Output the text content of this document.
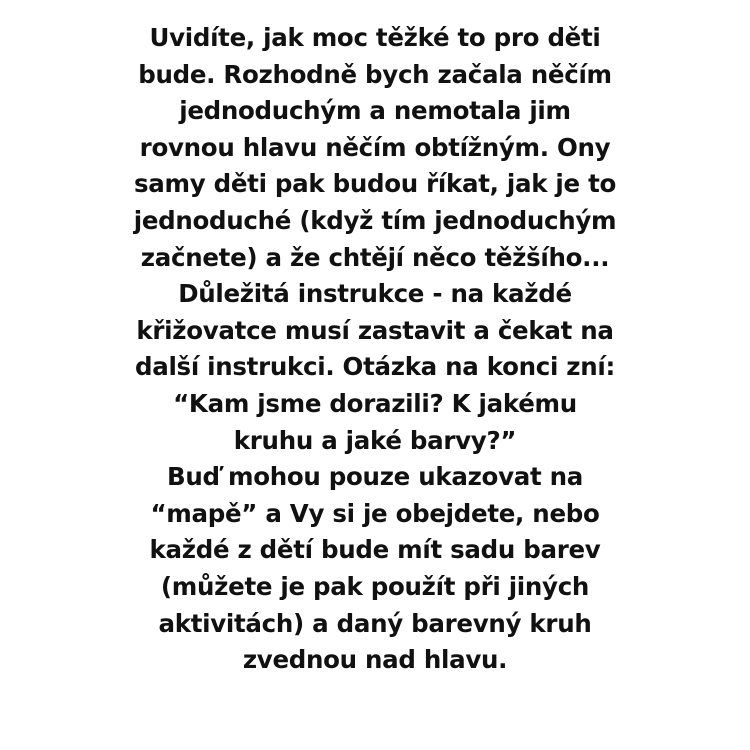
Uvidíte, jak moc těžké to pro děti
bude. Rozhodně bych začala něčím
jednoduchým a nemotala jim
rovnou hlavu něčím obtížným. Ony
samy děti pak budou říkat, jak je to
jednoduché (když tím jednoduchým
začnete) a že chtějí něco těžšího...
Důležitá instrukce - na každé
křižovatce musí zastavit a čekat na
další instrukci. Otázka na konci zní:
“Kam jsme dorazili? K jakému
kruhu a jaké barvy?”
Buď mohou pouze ukazovat na
“mapě” a Vy si je obejdete, nebo
každé z dětí bude mít sadu barev
(můžete je pak použít při jiných
aktivitách) a daný barevný kruh
zvednou nad hlavu.
